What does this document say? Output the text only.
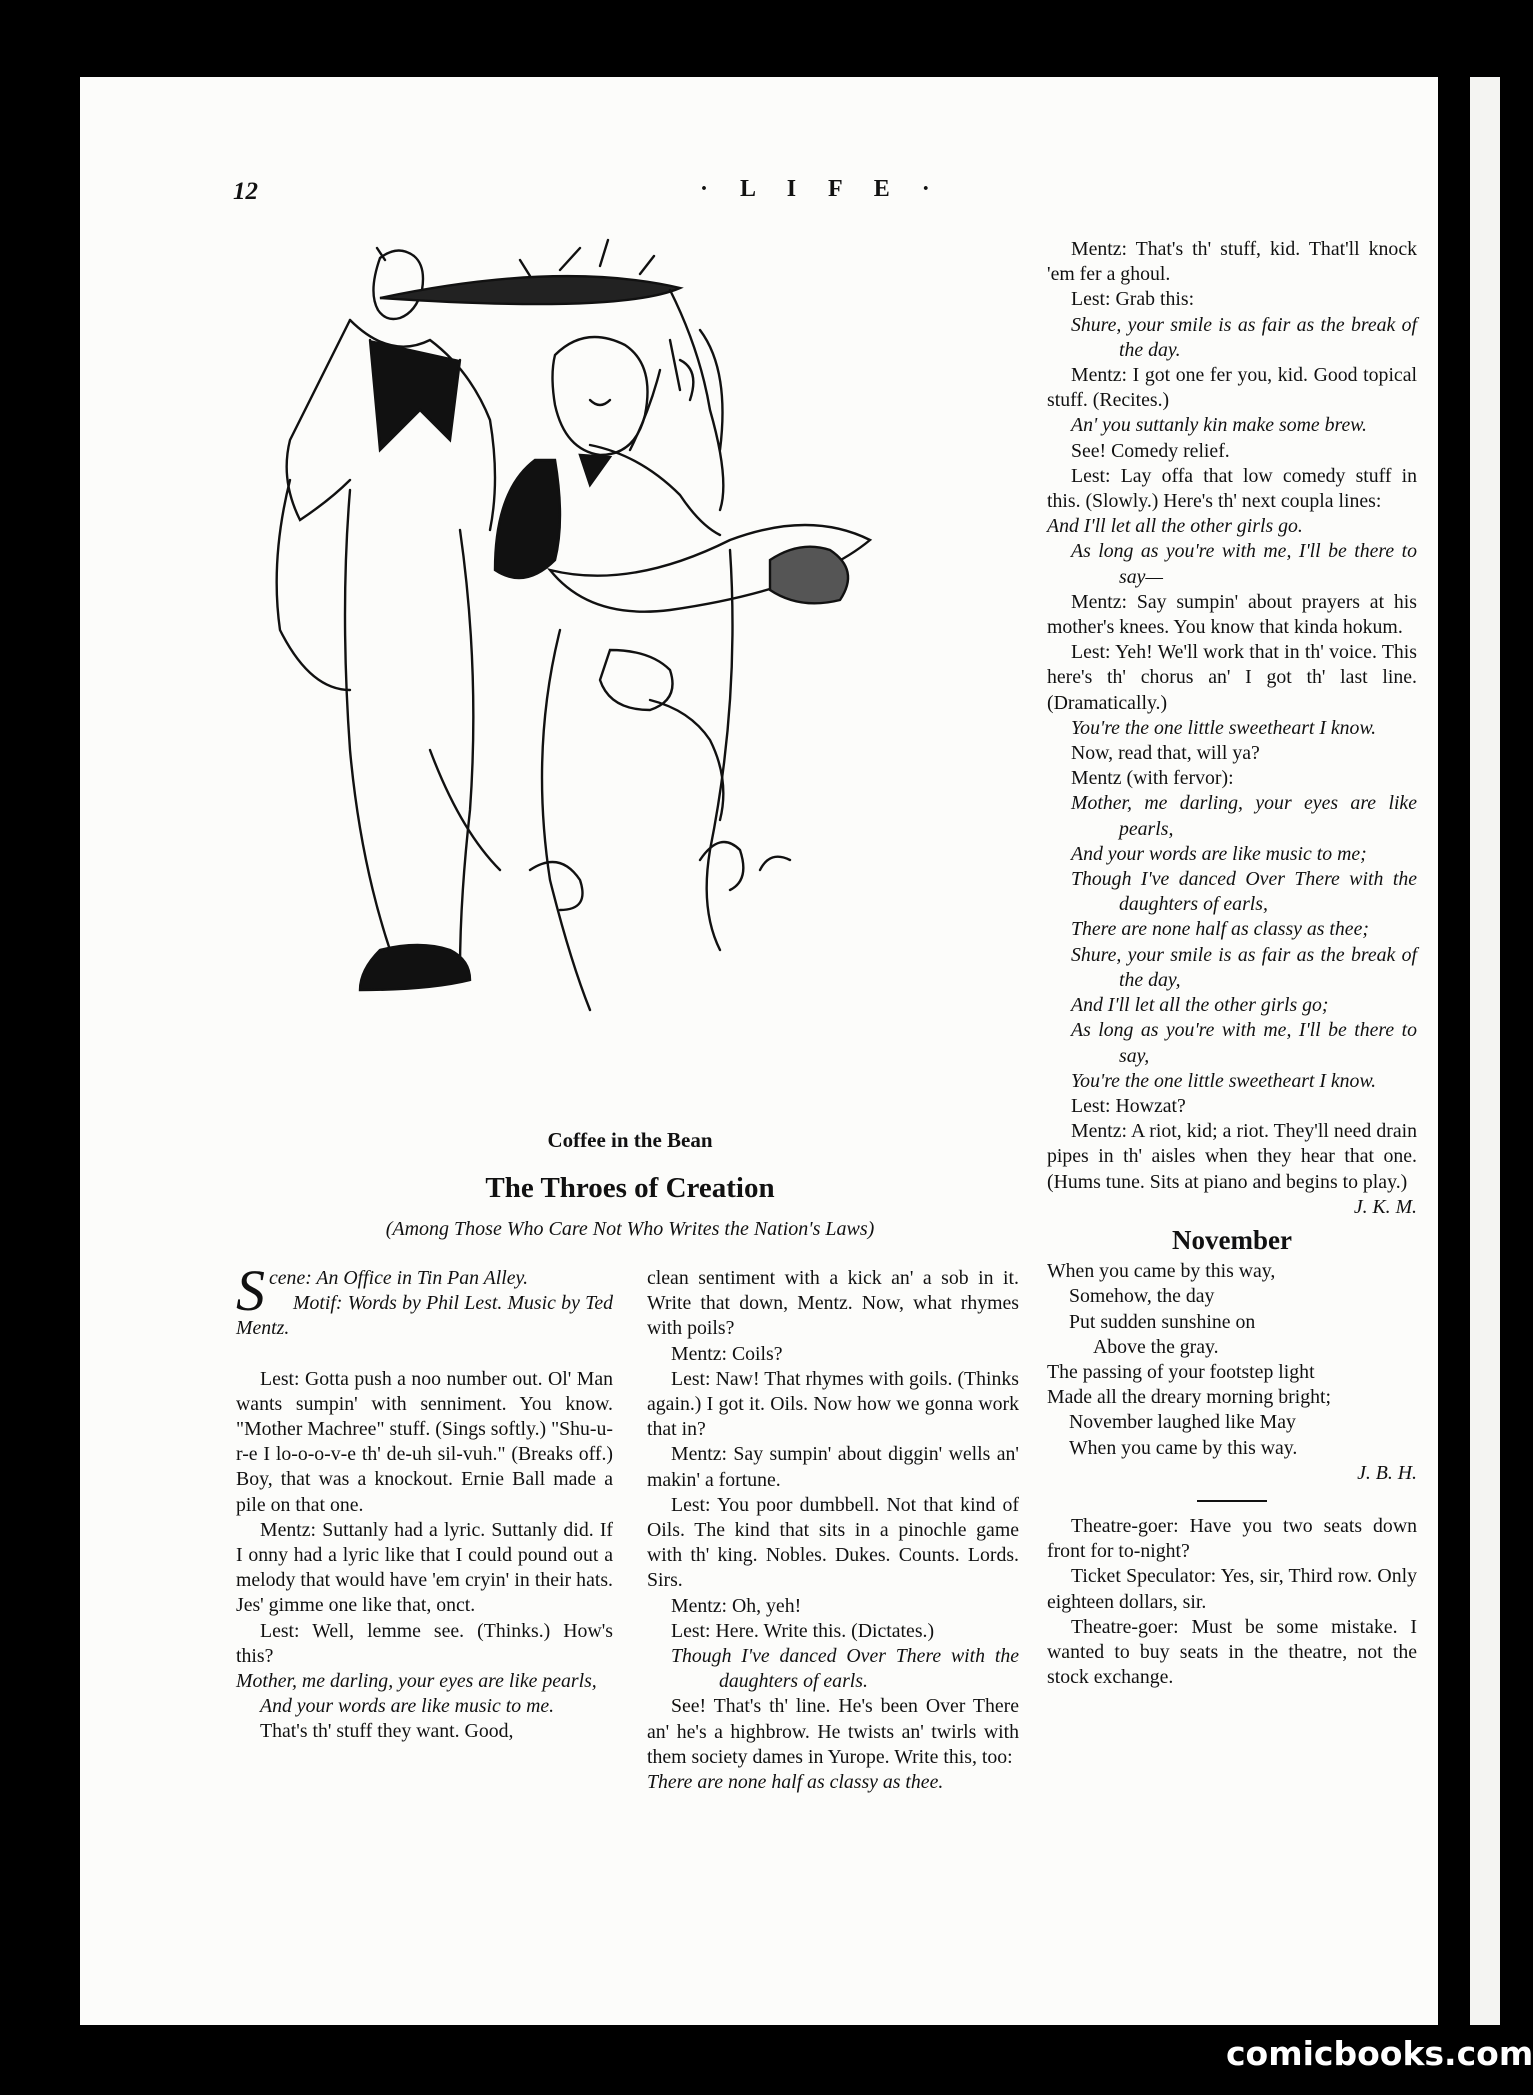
12	· L I F E ·
Coffee in the Bean
The Throes of Creation
(Among Those Who Care Not Who Writes the Nation's Laws)

Scene: An Office in Tin Pan Alley.

Motif: Words by Phil Lest. Music by Ted Mentz.

Lest: Gotta push a noo number out. Ol' Man wants sumpin' with senniment. You know. "Mother Machree" stuff. (Sings softly.) "Shu-u-r-e I lo-o-o-v-e th' de-uh sil-vuh." (Breaks off.) Boy, that was a knockout. Ernie Ball made a pile on that one.

Mentz: Suttanly had a lyric. Suttanly did. If I onny had a lyric like that I could pound out a melody that would have 'em cryin' in their hats. Jes' gimme one like that, onct.

Lest: Well, lemme see. (Thinks.) How's this?

Mother, me darling, your eyes are like pearls,

And your words are like music to me.

That's th' stuff they want. Good,

clean sentiment with a kick an' a sob in it. Write that down, Mentz. Now, what rhymes with poils?

Mentz: Coils?

Lest: Naw! That rhymes with goils. (Thinks again.) I got it. Oils. Now how we gonna work that in?

Mentz: Say sumpin' about diggin' wells an' makin' a fortune.

Lest: You poor dumbbell. Not that kind of Oils. The kind that sits in a pinochle game with th' king. Nobles. Dukes. Counts. Lords. Sirs.

Mentz: Oh, yeh!

Lest: Here. Write this. (Dictates.)

Though I've danced Over There with the daughters of earls.

See! That's th' line. He's been Over There an' he's a highbrow. He twists an' twirls with them society dames in Yurope. Write this, too:

There are none half as classy as thee.

Mentz: That's th' stuff, kid. That'll knock 'em fer a ghoul.

Lest: Grab this:

Shure, your smile is as fair as the break of the day.

Mentz: I got one fer you, kid. Good topical stuff. (Recites.)

An' you suttanly kin make some brew.

See! Comedy relief.

Lest: Lay offa that low comedy stuff in this. (Slowly.) Here's th' next coupla lines:

And I'll let all the other girls go.

As long as you're with me, I'll be there to say—

Mentz: Say sumpin' about prayers at his mother's knees. You know that kinda hokum.

Lest: Yeh! We'll work that in th' voice. This here's th' chorus an' I got th' last line. (Dramatically.)

You're the one little sweetheart I know.

Now, read that, will ya?

Mentz (with fervor):

Mother, me darling, your eyes are like pearls,

And your words are like music to me;

Though I've danced Over There with the daughters of earls,

There are none half as classy as thee;

Shure, your smile is as fair as the break of the day,

And I'll let all the other girls go;

As long as you're with me, I'll be there to say,

You're the one little sweetheart I know.

Lest: Howzat?

Mentz: A riot, kid; a riot. They'll need drain pipes in th' aisles when they hear that one. (Hums tune. Sits at piano and begins to play.)

J. K. M.

November

When you came by this way,

Somehow, the day

Put sudden sunshine on

Above the gray.

The passing of your footstep light

Made all the dreary morning bright;

November laughed like May

When you came by this way.

J. B. H.

Theatre-goer: Have you two seats down front for to-night?

Ticket Speculator: Yes, sir, Third row. Only eighteen dollars, sir.

Theatre-goer: Must be some mistake. I wanted to buy seats in the theatre, not the stock exchange.

comicbooks.com
